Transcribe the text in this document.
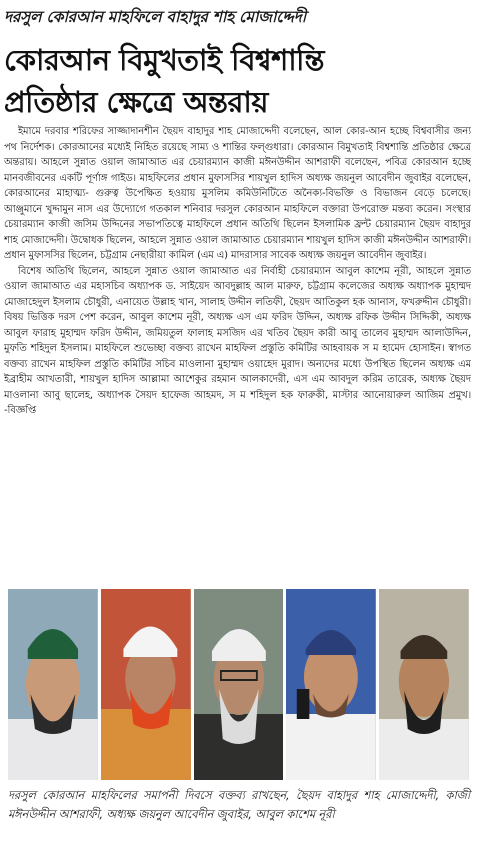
দরসুল কোরআন মাহফিলে বাহাদুর শাহ মোজাদ্দেদী
কোরআন বিমুখতাই বিশ্বশান্তি
প্রতিষ্ঠার ক্ষেত্রে অন্তরায়

ইমামে দরবার শরিফের সাজ্জাদানশীন ছৈয়দ বাহাদুর শাহ মোজাদ্দেদী বলেছেন, আল কোর-আন হচ্ছে বিশ্ববাসীর জন্য পথ নির্দেশক। কোরআনের মধ্যেই নিহিত রয়েছে সাম্য ও শান্তির ফল্গুধারা। কোরআন বিমুখতাই বিশ্বশান্তি প্রতিষ্ঠার ক্ষেত্রে অন্তরায়। আহলে সুন্নাত ওয়াল জামাআত এর চেয়ারম্যান কাজী মঈনউদ্দীন আশরাফী বলেছেন, পবিত্র কোরআন হচ্ছে মানবজীবনের একটি পূর্ণাঙ্গ গাইড। মাহফিলের প্রধান মুফাসসির শায়খুল হাদিস অধ্যক্ষ জয়নুল আবেদীন জুবাইর বলেছেন, কোরআনের মাহাত্ম্য- গুরুত্ব উপেক্ষিত হওয়ায় মুসলিম কমিউনিটিতে অনৈক্য-বিভক্তি ও বিভাজন বেড়ে চলেছে। আঞ্জুমানে খুদ্দামুন নাস এর উদ্যোগে গতকাল শনিবার দরসুল কোরআন মাহফিলে বক্তারা উপরোক্ত মন্তব্য করেন। সংস্থার চেয়ারম্যান কাজী জসিম উদ্দিনের সভাপতিত্বে মাহফিলে প্রধান অতিথি ছিলেন ইসলামিক ফ্রন্ট চেয়ারম্যান ছৈয়দ বাহাদুর শাহ মোজাদ্দেদী। উদ্বোধক ছিলেন, আহলে সুন্নাত ওয়াল জামাআত চেয়ারম্যান শায়খুল হাদিস কাজী মঈনউদ্দীন আশরাফী। প্রধান মুফাসসির ছিলেন, চট্টগ্রাম নেছারীয়া কামিল (এম এ) মাদরাসার সাবেক অধ্যক্ষ জয়নুল আবেদীন জুবাইর।

বিশেষ অতিথি ছিলেন, আহলে সুন্নাত ওয়াল জামাআত এর নির্বাহী চেয়ারম্যান আবুল কাশেম নূরী, আহলে সুন্নাত ওয়াল জামাআত এর মহাসচিব অধ্যাপক ড. সাইয়েদ আবদুল্লাহ আল মারুফ, চট্টগ্রাম কলেজের অধ্যক্ষ অধ্যাপক মুহাম্মদ মোজাহেদুল ইসলাম চৌধুরী, এনায়েত উল্লাহ খান, সালাহ উদ্দীন লতিফী, ছৈয়দ আতিকুল হক আনাস, ফখরুদ্দীন চৌধুরী। বিষয় ভিত্তিক দরস পেশ করেন, আবুল কাশেম নূরী, অধ্যক্ষ এস এম ফরিদ উদ্দিন, অধ্যক্ষ রফিক উদ্দীন সিদ্দিকী, অধ্যক্ষ আবুল ফারাহ মুহাম্মদ ফরিদ উদ্দীন, জমিয়তুল ফালাহ মসজিদ এর খতিব ছৈয়দ কারী আবু তালেব মুহাম্মদ আলাউদ্দিন, মুফতি শহিদুল ইসলাম। মাহফিলে শুভেচ্ছা বক্তব্য রাখেন মাহফিল প্রস্তুতি কমিটির আহবায়ক স ম হামেদ হোসাইন। স্বাগত বক্তব্য রাখেন মাহফিল প্রস্তুতি কমিটির সচিব মাওলানা মুহাম্মদ ওয়াহেদ মুরাদ। অন্যদের মধ্যে উপস্থিত ছিলেন অধ্যক্ষ এম ইব্রাহীম আখতারী, শায়খুল হাদিস আল্লামা আশেকুর রহমান আলকাদেরী, এস এম আবদুল করিম তারেক, অধ্যক্ষ ছৈয়দ মাওলানা আবু ছালেহ, অধ্যাপক সৈয়দ হাফেজ আহমদ, স ম শহিদুল হক ফারুকী, মাস্টার আনোয়ারুল আজিম প্রমুখ। -বিজ্ঞপ্তি

দরসুল কোরআন মাহফিলের সমাপনী দিবসে বক্তব্য রাখছেন, ছৈয়দ বাহাদুর শাহ মোজাদ্দেদী, কাজী মঈনউদ্দীন আশরাফী, অধ্যক্ষ জয়নুল আবেদীন জুবাইর, আবুল কাশেম নূরী
